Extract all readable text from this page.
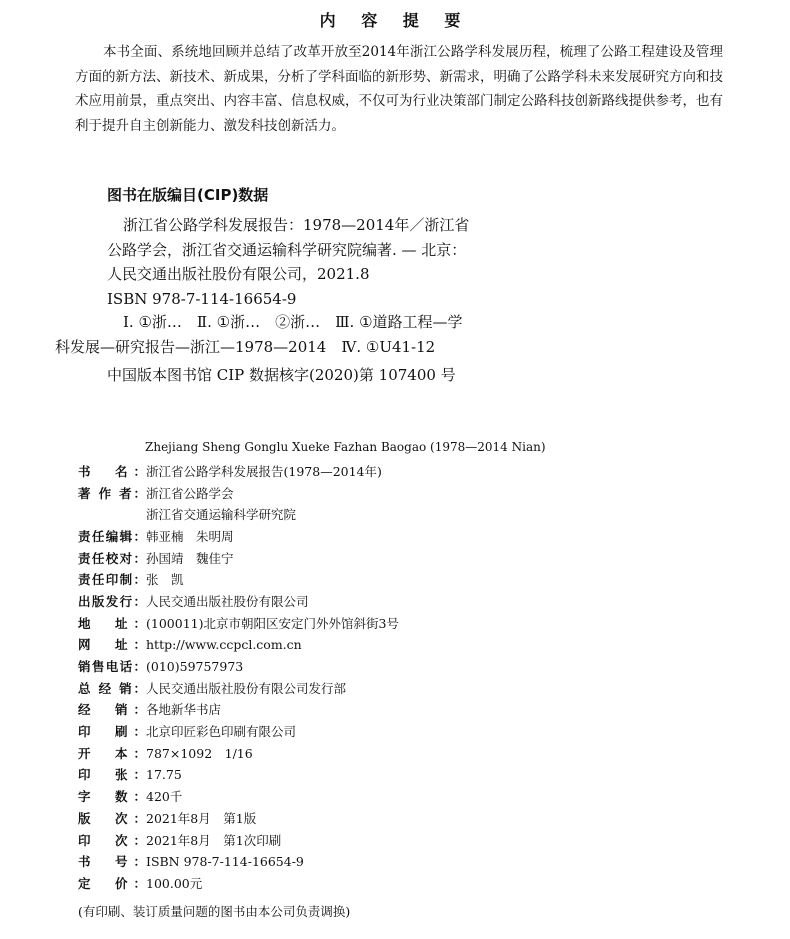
内 容 提 要
本书全面、系统地回顾并总结了改革开放至2014年浙江公路学科发展历程，梳理了公路工程建设及管理方面的新方法、新技术、新成果，分析了学科面临的新形势、新需求，明确了公路学科未来发展研究方向和技术应用前景，重点突出、内容丰富、信息权威，不仅可为行业决策部门制定公路科技创新路线提供参考，也有利于提升自主创新能力、激发科技创新活力。
图书在版编目(CIP)数据
浙江省公路学科发展报告：1978—2014年／浙江省
公路学会，浙江省交通运输科学研究院编著. — 北京：
人民交通出版社股份有限公司，2021.8
ISBN 978-7-114-16654-9
Ⅰ. ①浙…　Ⅱ. ①浙…　②浙…　Ⅲ. ①道路工程—学
科发展—研究报告—浙江—1978—2014　Ⅳ. ①U41-12
中国版本图书馆 CIP 数据核字(2020)第 107400 号
Zhejiang Sheng Gonglu Xueke Fazhan Baogao (1978—2014 Nian)
书　名： 浙江省公路学科发展报告(1978—2014年)
著 作 者： 浙江省公路学会
浙江省交通运输科学研究院
责任编辑： 韩亚楠　朱明周
责任校对： 孙国靖　魏佳宁
责任印制： 张　凯
出版发行： 人民交通出版社股份有限公司
地　址： (100011)北京市朝阳区安定门外外馆斜街3号
网　址： http://www.ccpcl.com.cn
销售电话： (010)59757973
总 经 销： 人民交通出版社股份有限公司发行部
经　销： 各地新华书店
印　刷： 北京印匠彩色印刷有限公司
开　本： 787×1092　1/16
印　张： 17.75
字　数： 420千
版　次： 2021年8月　第1版
印　次： 2021年8月　第1次印刷
书　号： ISBN 978-7-114-16654-9
定　价： 100.00元
(有印刷、装订质量问题的图书由本公司负责调换)
